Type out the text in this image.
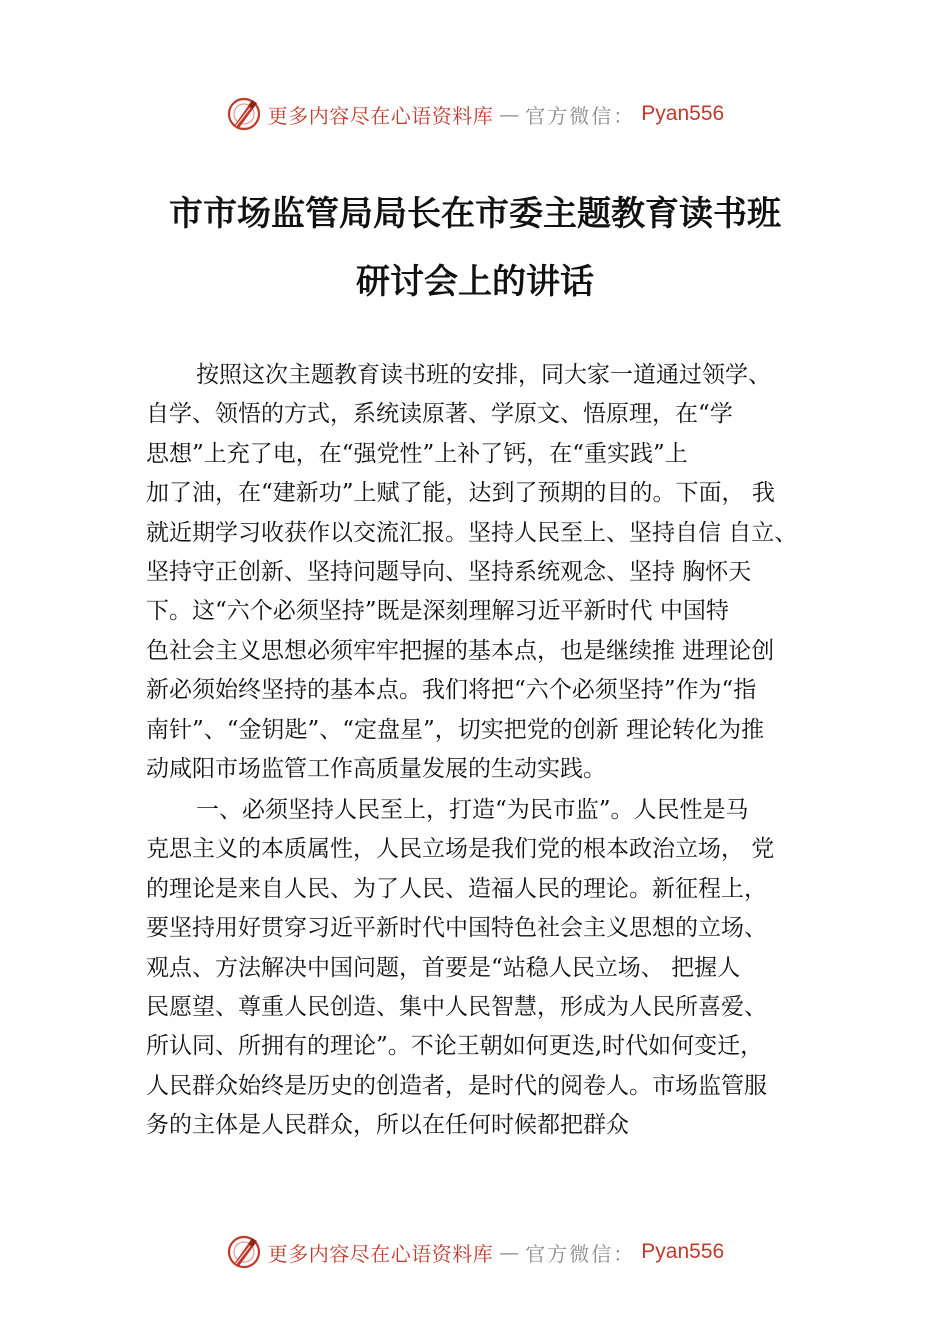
更多内容尽在心语资料库 — 官方微信： Pyan556
市市场监管局局长在市委主题教育读书班
研讨会上的讲话
按照这次主题教育读书班的安排，同大家一道通过领学、
自学、领悟的方式，系统读原著、学原文、悟原理，在“学
思想”上充了电，在“强党性”上补了钙，在“重实践”上
加了油，在“建新功”上赋了能，达到了预期的目的。下面， 我
就近期学习收获作以交流汇报。坚持人民至上、坚持自信 自立、
坚持守正创新、坚持问题导向、坚持系统观念、坚持 胸怀天
下。这“六个必须坚持”既是深刻理解习近平新时代 中国特
色社会主义思想必须牢牢把握的基本点，也是继续推 进理论创
新必须始终坚持的基本点。我们将把“六个必须坚持”作为“指
南针”、“金钥匙”、“定盘星”，切实把党的创新 理论转化为推
动咸阳市场监管工作高质量发展的生动实践。
一、必须坚持人民至上，打造“为民市监”。人民性是马
克思主义的本质属性，人民立场是我们党的根本政治立场， 党
的理论是来自人民、为了人民、造福人民的理论。新征程上，
要坚持用好贯穿习近平新时代中国特色社会主义思想的立场、
观点、方法解决中国问题，首要是“站稳人民立场、 把握人
民愿望、尊重人民创造、集中人民智慧，形成为人民所喜爱、
所认同、所拥有的理论”。不论王朝如何更迭,时代如何变迁，
人民群众始终是历史的创造者，是时代的阅卷人。市场监管服
务的主体是人民群众，所以在任何时候都把群众
更多内容尽在心语资料库 — 官方微信： Pyan556
